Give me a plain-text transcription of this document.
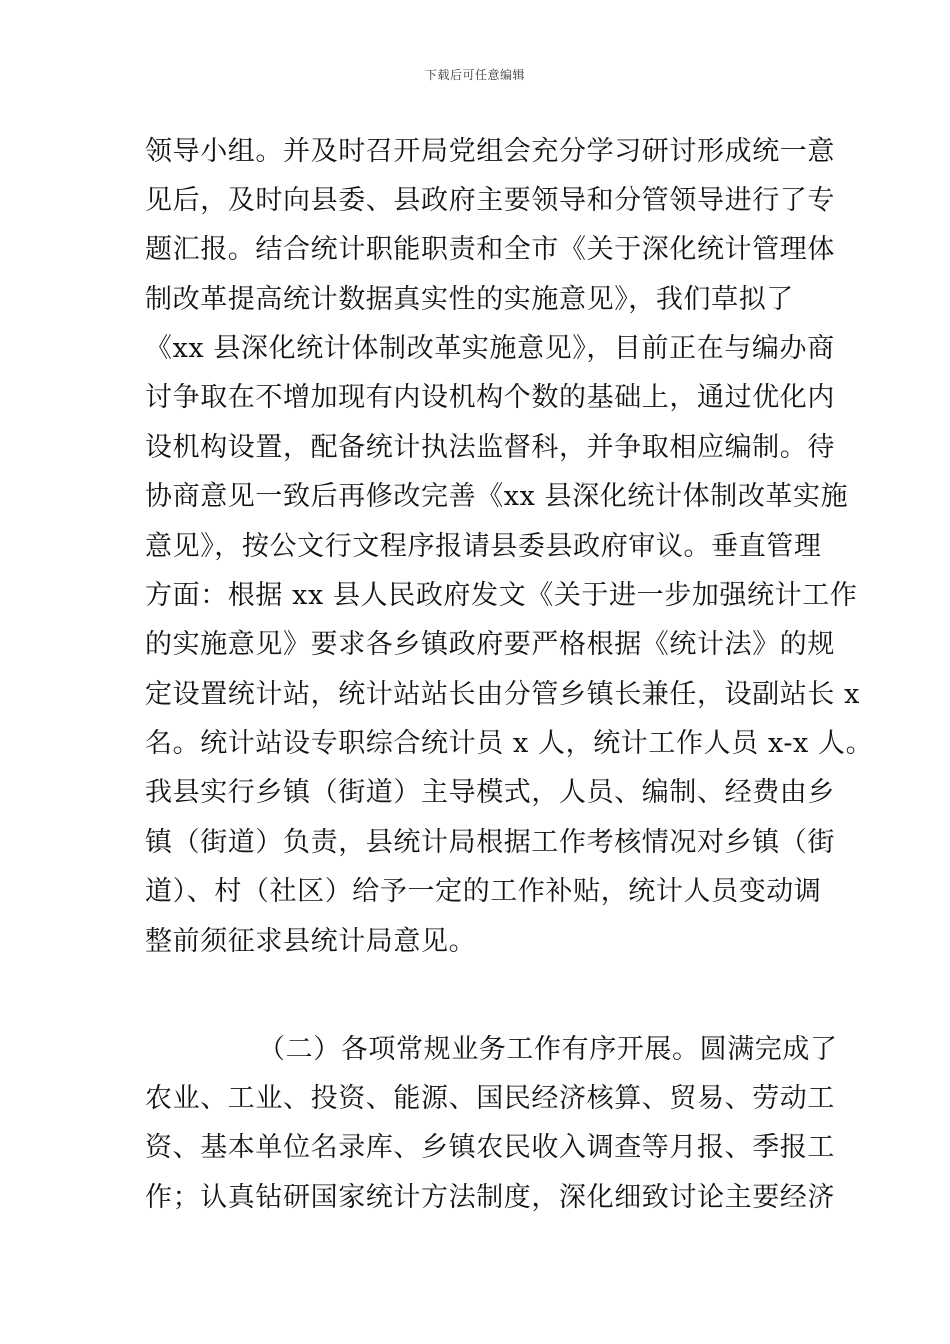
下载后可任意编辑
领导小组。并及时召开局党组会充分学习研讨形成统一意
见后，及时向县委、县政府主要领导和分管领导进行了专
题汇报。结合统计职能职责和全市《关于深化统计管理体
制改革提高统计数据真实性的实施意见》，我们草拟了
《xx 县深化统计体制改革实施意见》，目前正在与编办商
讨争取在不增加现有内设机构个数的基础上，通过优化内
设机构设置，配备统计执法监督科，并争取相应编制。待
协商意见一致后再修改完善《xx 县深化统计体制改革实施
意见》，按公文行文程序报请县委县政府审议。垂直管理
方面：根据 xx 县人民政府发文《关于进一步加强统计工作
的实施意见》要求各乡镇政府要严格根据《统计法》的规
定设置统计站，统计站站长由分管乡镇长兼任，设副站长 x
名。统计站设专职综合统计员 x 人，统计工作人员 x-x 人。
我县实行乡镇（街道）主导模式，人员、编制、经费由乡
镇（街道）负责，县统计局根据工作考核情况对乡镇（街
道）、村（社区）给予一定的工作补贴，统计人员变动调
整前须征求县统计局意见。
（二）各项常规业务工作有序开展。圆满完成了
农业、工业、投资、能源、国民经济核算、贸易、劳动工
资、基本单位名录库、乡镇农民收入调查等月报、季报工
作；认真钻研国家统计方法制度，深化细致讨论主要经济
